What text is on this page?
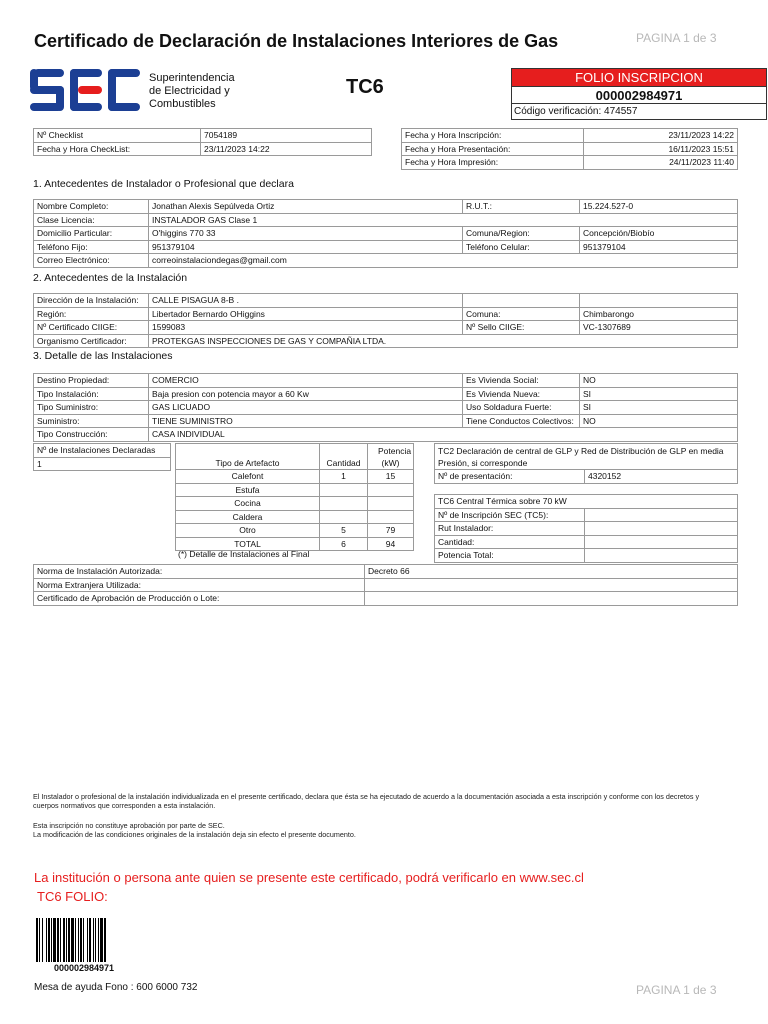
Certificado de Declaración de Instalaciones Interiores de Gas	PAGINA 1 de 3
Superintendencia
de Electricidad y
Combustibles
TC6	FOLIO INSCRIPCION
000002984971
Código verificación: 474557
Nº Checklist	7054189
Fecha y Hora CheckList:	23/11/2023 14:22
Fecha y Hora Inscripción:	23/11/2023 14:22
Fecha y Hora Presentación:	16/11/2023 15:51
Fecha y Hora Impresión:	24/11/2023 11:40
1. Antecedentes de Instalador o Profesional que declara
Nombre Completo:	Jonathan Alexis Sepúlveda Ortiz	R.U.T.:	15.224.527-0
Clase Licencia:	INSTALADOR GAS Clase 1		
Domicilio Particular:	O'higgins 770 33	Comuna/Region:	Concepción/Biobío
Teléfono Fijo:	951379104	Teléfono Celular:	951379104
Correo Electrónico:	correoinstalaciondegas@gmail.com		
2. Antecedentes de la Instalación
Dirección de la Instalación:	CALLE PISAGUA 8-B .		
Región:	Libertador Bernardo OHiggins	Comuna:	Chimbarongo
Nº Certificado CIIGE:	1599083	Nº Sello CIIGE:	VC-1307689
Organismo Certificador:	PROTEKGAS INSPECCIONES DE GAS Y COMPAÑIA LTDA.		
3. Detalle de las Instalaciones
Destino Propiedad:	COMERCIO	Es Vivienda Social:	NO
Tipo Instalación:	Baja presion con potencia mayor a 60 Kw	Es Vivienda Nueva:	SI
Tipo Suministro:	GAS LICUADO	Uso Soldadura Fuerte:	SI
Suministro:	TIENE SUMINISTRO	Tiene Conductos Colectivos:	NO
Tipo Construcción:	CASA INDIVIDUAL		
Nº de Instalaciones Declaradas
1	Tipo de Artefacto	Cantidad	Potencia (kW)
Calefont	1	15
Estufa		
Cocina		
Caldera		
Otro	5	79
TOTAL	6	94
(*) Detalle de Instalaciones al Final
TC2 Declaración de central de GLP y Red de Distribución de GLP en media Presión, si corresponde
Nº de presentación:	4320152
TC6 Central Térmica sobre 70 kW	
Nº de Inscripción SEC (TC5):	
Rut Instalador:	
Cantidad:	
Potencia Total:	
Norma de Instalación Autorizada:	Decreto 66
Norma Extranjera Utilizada:	
Certificado de Aprobación de Producción o Lote:	
El Instalador o profesional de la instalación individualizada en el presente certificado, declara que ésta se ha ejecutado de acuerdo a la documentación asociada a esta inscripción y conforme con los decretos y
cuerpos normativos que corresponden a esta instalación.
Esta inscripción no constituye aprobación por parte de SEC.
La modificación de las condiciones originales de la instalación deja sin efecto el presente documento.
La institución o persona ante quien se presente este certificado, podrá verificarlo en www.sec.cl
TC6 FOLIO:
000002984971
Mesa de ayuda Fono : 600 6000 732	PAGINA 1 de 3
